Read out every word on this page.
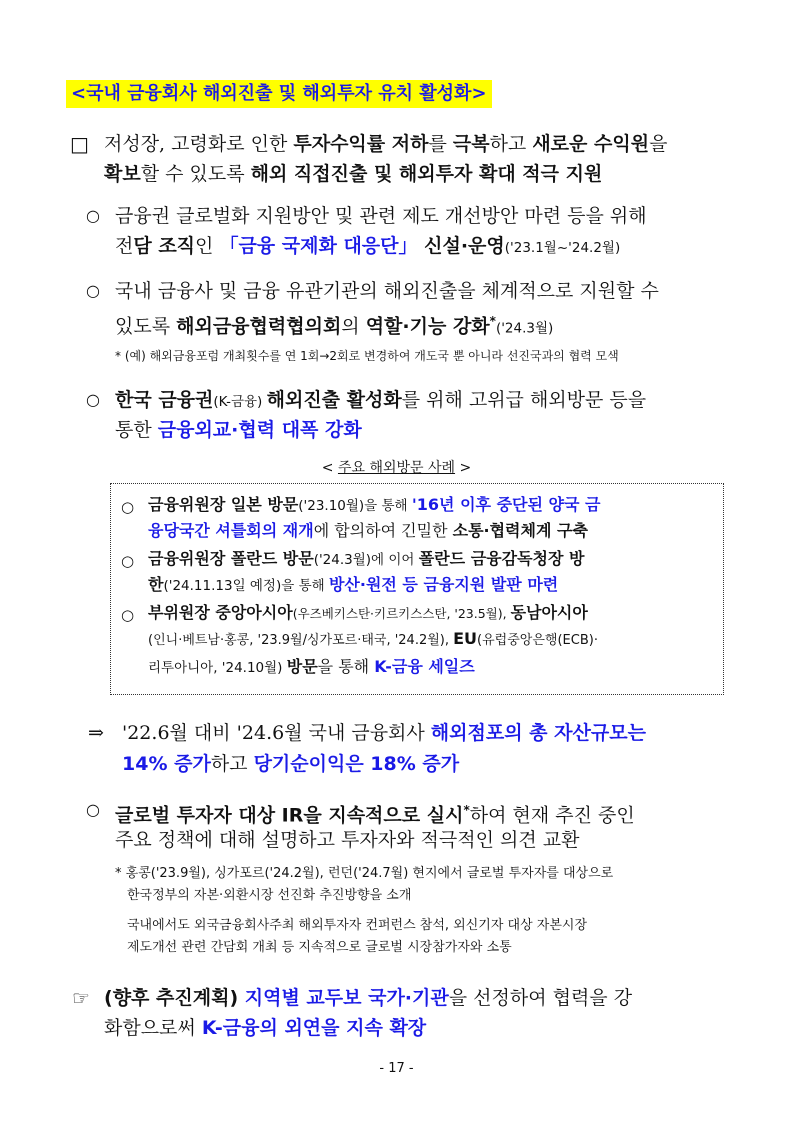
<국내 금융회사 해외진출 및 해외투자 유치 활성화>
□ 저성장, 고령화로 인한 투자수익률 저하를 극복하고 새로운 수익원을
확보할 수 있도록 해외 직접진출 및 해외투자 확대 적극 지원
○ 금융권 글로벌화 지원방안 및 관련 제도 개선방안 마련 등을 위해
전담 조직인 「금융 국제화 대응단」 신설·운영('23.1월~'24.2월)
○ 국내 금융사 및 금융 유관기관의 해외진출을 체계적으로 지원할 수
있도록 해외금융협력협의회의 역할·기능 강화*('24.3월)
* (예) 해외금융포럼 개최횟수를 연 1회→2회로 변경하여 개도국 뿐 아니라 선진국과의 협력 모색
○ 한국 금융권(K-금융) 해외진출 활성화를 위해 고위급 해외방문 등을
통한 금융외교·협력 대폭 강화
< 주요 해외방문 사례 >
○ 금융위원장 일본 방문('23.10월)을 통해 '16년 이후 중단된 양국 금
융당국간 셔틀회의 재개에 합의하여 긴밀한 소통·협력체계 구축
○ 금융위원장 폴란드 방문('24.3월)에 이어 폴란드 금융감독청장 방
한('24.11.13일 예정)을 통해 방산·원전 등 금융지원 발판 마련
○ 부위원장 중앙아시아(우즈베키스탄·키르키스스탄, '23.5월), 동남아시아
(인니·베트남·홍콩, '23.9월/싱가포르·태국, '24.2월), EU(유럽중앙은행(ECB)·
리투아니아, '24.10월) 방문을 통해 K-금융 세일즈
⇒ '22.6월 대비 '24.6월 국내 금융회사 해외점포의 총 자산규모는
14% 증가하고 당기순이익은 18% 증가
○ 글로벌 투자자 대상 IR을 지속적으로 실시*하여 현재 추진 중인
주요 정책에 대해 설명하고 투자자와 적극적인 의견 교환
* 홍콩('23.9월), 싱가포르('24.2월), 런던('24.7월) 현지에서 글로벌 투자자를 대상으로
한국정부의 자본·외환시장 선진화 추진방향을 소개
국내에서도 외국금융회사주최 해외투자자 컨퍼런스 참석, 외신기자 대상 자본시장
제도개선 관련 간담회 개최 등 지속적으로 글로벌 시장참가자와 소통
☞ (향후 추진계획) 지역별 교두보 국가·기관을 선정하여 협력을 강
화함으로써 K-금융의 외연을 지속 확장
- 17 -
